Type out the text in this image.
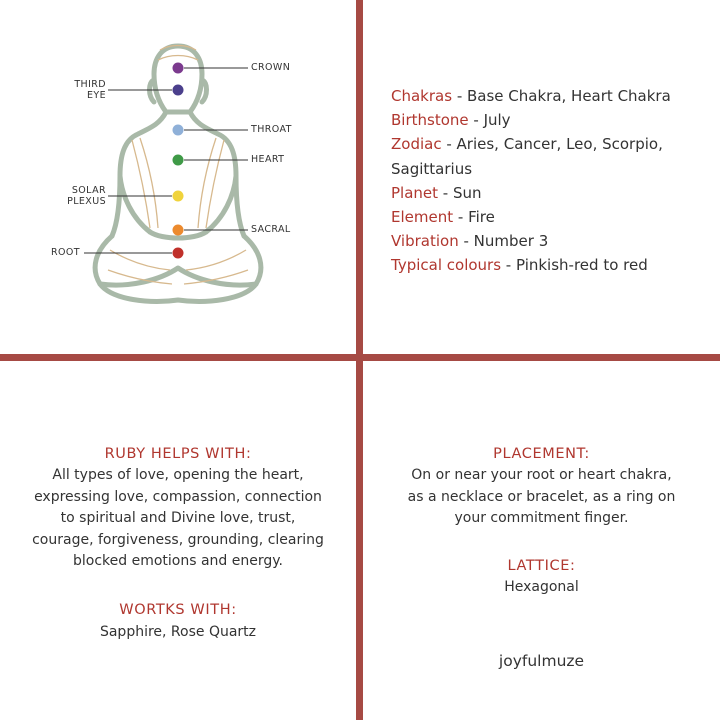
CROWN
THIRD
EYE
THROAT
HEART
SOLAR
PLEXUS
SACRAL
ROOT
Chakras - Base Chakra, Heart Chakra
Birthstone - July
Zodiac - Aries, Cancer, Leo, Scorpio, Sagittarius
Planet - Sun
Element - Fire
Vibration - Number 3
Typical colours - Pinkish-red to red
RUBY HELPS WITH:
All types of love, opening the heart,
expressing love, compassion, connection
to spiritual and Divine love, trust,
courage, forgiveness, grounding, clearing
blocked emotions and energy.
WORTKS WITH:
Sapphire, Rose Quartz
PLACEMENT:
On or near your root or heart chakra,
as a necklace or bracelet, as a ring on
your commitment finger.
LATTICE:
Hexagonal
joyfulmuze
